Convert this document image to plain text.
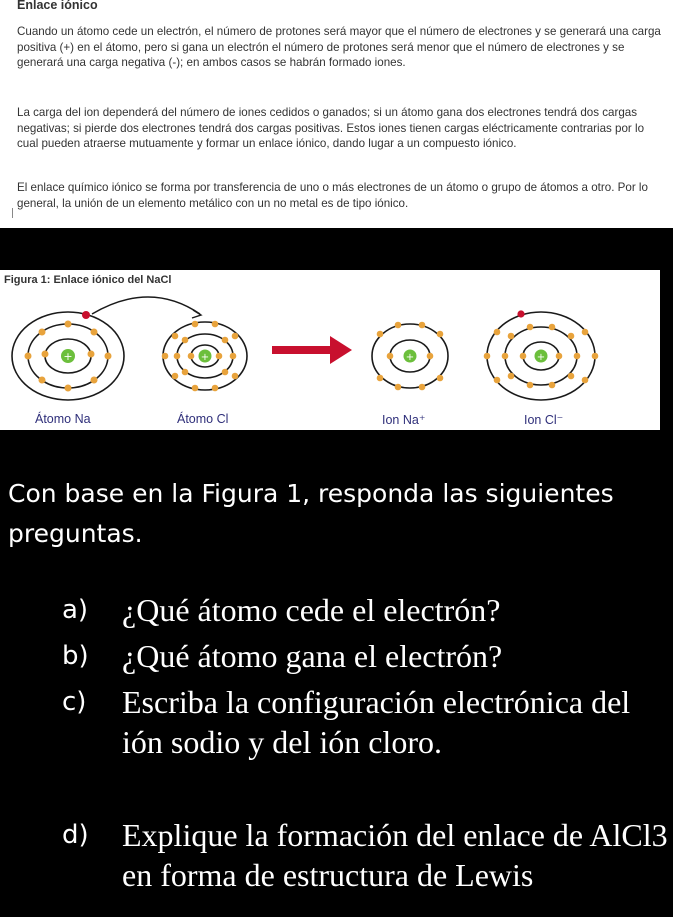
Enlace iónico

Cuando un átomo cede un electrón, el número de protones será mayor que el número de electrones y se generará una carga positiva (+) en el átomo, pero si gana un electrón el número de protones será menor que el número de electrones y se generará una carga negativa (-); en ambos casos se habrán formado iones.

La carga del ion dependerá del número de iones cedidos o ganados; si un átomo gana dos electrones tendrá dos cargas negativas; si pierde dos electrones tendrá dos cargas positivas. Estos iones tienen cargas eléctricamente contrarias por lo cual pueden atraerse mutuamente y formar un enlace iónico, dando lugar a un compuesto iónico.

El enlace químico iónico se forma por transferencia de uno o más electrones de un átomo o grupo de átomos a otro. Por lo general, la unión de un elemento metálico con un no metal es de tipo iónico.

Figura 1: Enlace iónico del NaCl
+	+	+	+
Átomo Na	Átomo Cl	Ion Na⁺	Ion Cl⁻

Con base en la Figura 1, responda las siguientes preguntas.

a) ¿Qué átomo cede el electrón?
b) ¿Qué átomo gana el electrón?
c) Escriba la configuración electrónica del ión sodio y del ión cloro.
d) Explique la formación del enlace de AlCl3 en forma de estructura de Lewis
